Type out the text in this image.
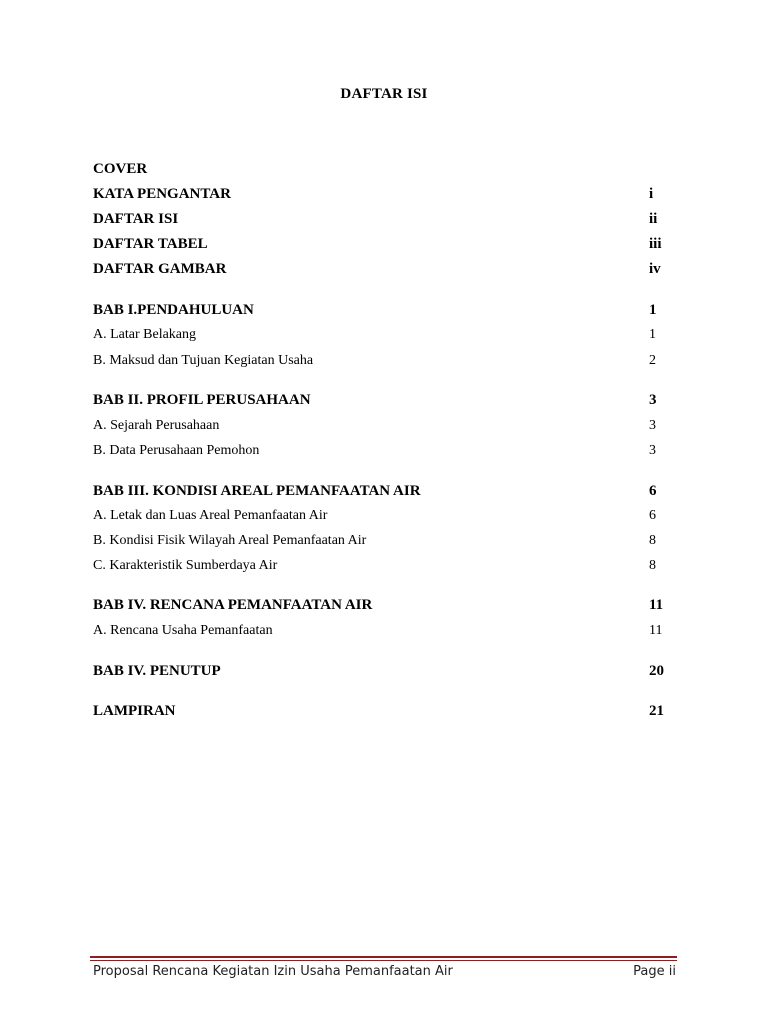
DAFTAR ISI
COVER
KATA PENGANTAR	i
DAFTAR ISI	ii
DAFTAR TABEL	iii
DAFTAR GAMBAR	iv
BAB I.PENDAHULUAN	1
A. Latar Belakang	1
B. Maksud dan Tujuan Kegiatan Usaha	2
BAB II. PROFIL PERUSAHAAN	3
A. Sejarah Perusahaan	3
B. Data Perusahaan Pemohon	3
BAB III. KONDISI AREAL PEMANFAATAN AIR	6
A. Letak dan Luas Areal Pemanfaatan Air	6
B. Kondisi Fisik Wilayah Areal Pemanfaatan Air	8
C. Karakteristik Sumberdaya Air	8
BAB IV. RENCANA PEMANFAATAN AIR	11
A. Rencana Usaha Pemanfaatan	11
BAB IV. PENUTUP	20
LAMPIRAN	21
Proposal Rencana Kegiatan Izin Usaha Pemanfaatan Air	Page ii
